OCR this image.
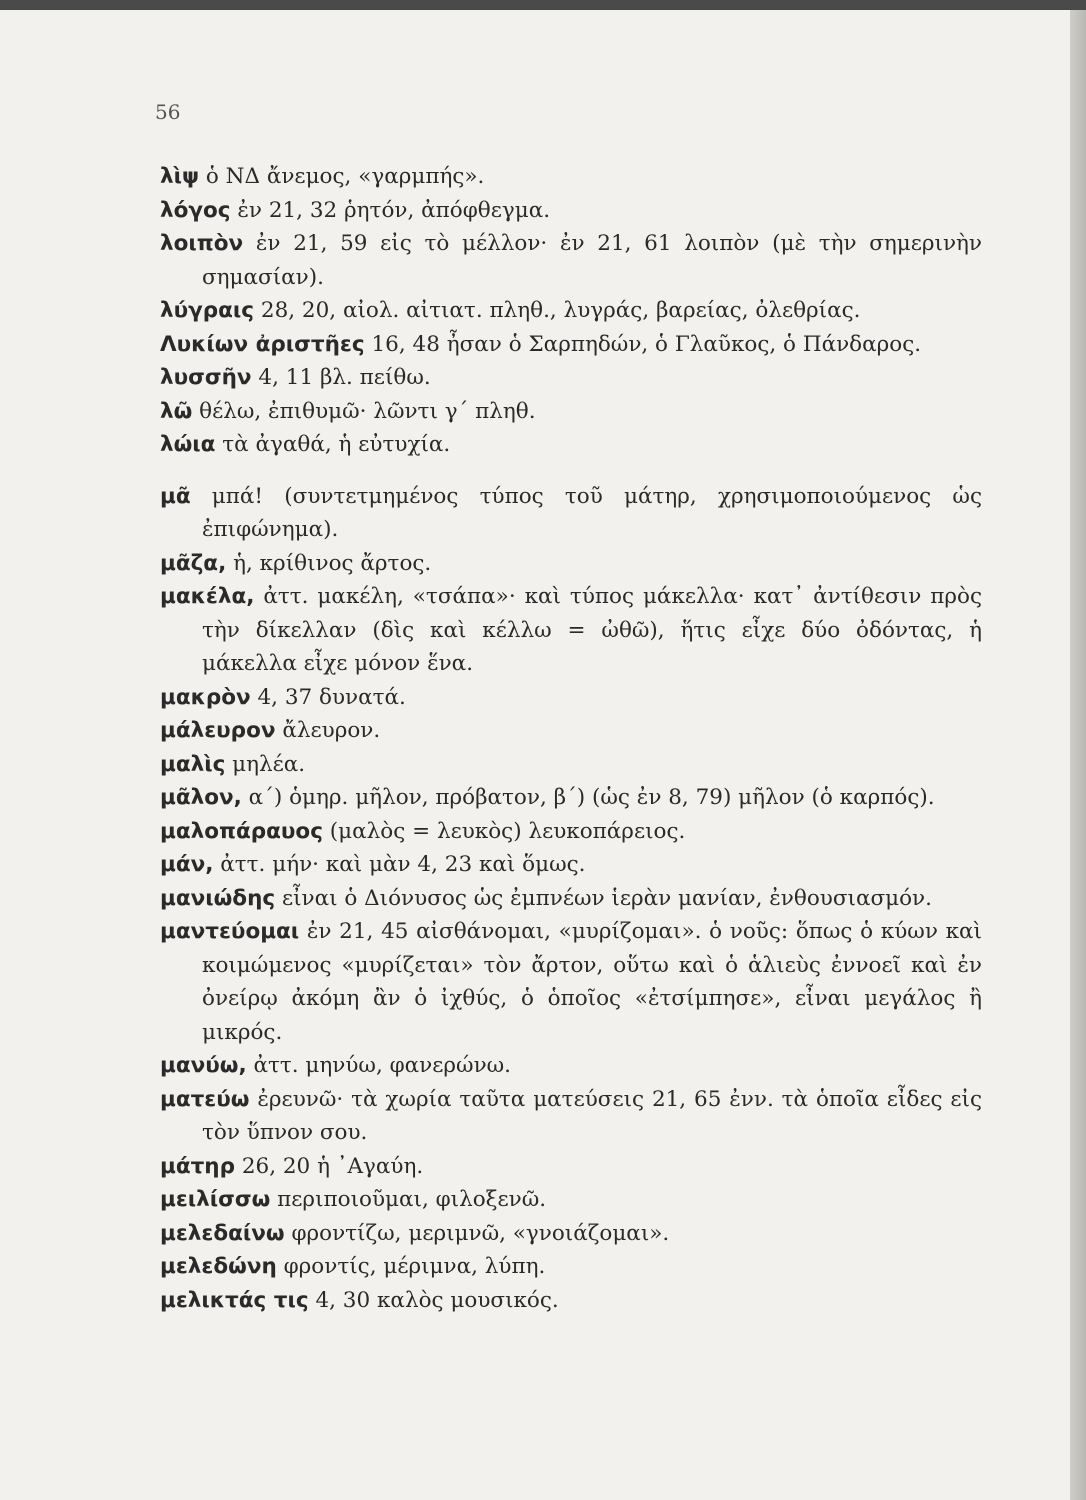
56
λὶψ ὁ ΝΔ ἄνεμος, «γαρμπής».
λόγος ἐν 21, 32 ῥητόν, ἀπόφθεγμα.
λοιπὸν ἐν 21, 59 εἰς τὸ μέλλον· ἐν 21, 61 λοιπὸν (μὲ τὴν σημερινὴν σημασίαν).
λύγραις 28, 20, αἰολ. αἰτιατ. πληθ., λυγράς, βαρείας, ὀλεθρίας.
Λυκίων ἀριστῆες 16, 48 ἦσαν ὁ Σαρπηδών, ὁ Γλαῦκος, ὁ Πάνδαρος.
λυσσῆν 4, 11 βλ. πείθω.
λῶ θέλω, ἐπιθυμῶ· λῶντι γ΄ πληθ.
λώια τὰ ἀγαθά, ἡ εὐτυχία.
μᾶ μπά! (συντετμημένος τύπος τοῦ μάτηρ, χρησιμοποιούμενος ὡς ἐπιφώνημα).
μᾶζα, ἡ, κρίθινος ἄρτος.
μακέλα, ἀττ. μακέλη, «τσάπα»· καὶ τύπος μάκελλα· κατ᾽ ἀντίθεσιν πρὸς τὴν δίκελλαν (δὶς καὶ κέλλω = ὠθῶ), ἥτις εἶχε δύο ὀδόντας, ἡ μάκελλα εἶχε μόνον ἕνα.
μακρὸν 4, 37 δυνατά.
μάλευρον ἄλευρον.
μαλὶς μηλέα.
μᾶλον, α΄) ὁμηρ. μῆλον, πρόβατον, β΄) (ὡς ἐν 8, 79) μῆλον (ὁ καρπός).
μαλοπάραυος (μαλὸς = λευκὸς) λευκοπάρειος.
μάν, ἀττ. μήν· καὶ μὰν 4, 23 καὶ ὅμως.
μανιώδης εἶναι ὁ Διόνυσος ὡς ἐμπνέων ἱερὰν μανίαν, ἐνθουσιασμόν.
μαντεύομαι ἐν 21, 45 αἰσθάνομαι, «μυρίζομαι». ὁ νοῦς: ὅπως ὁ κύων καὶ κοιμώμενος «μυρίζεται» τὸν ἄρτον, οὕτω καὶ ὁ ἁλιεὺς ἐννοεῖ καὶ ἐν ὀνείρῳ ἀκόμη ἂν ὁ ἰχθύς, ὁ ὁποῖος «ἐτσίμπησε», εἶναι μεγάλος ἢ μικρός.
μανύω, ἀττ. μηνύω, φανερώνω.
ματεύω ἐρευνῶ· τὰ χωρία ταῦτα ματεύσεις 21, 65 ἐνν. τὰ ὁποῖα εἶδες εἰς τὸν ὕπνον σου.
μάτηρ 26, 20 ἡ ᾿Αγαύη.
μειλίσσω περιποιοῦμαι, φιλοξενῶ.
μελεδαίνω φροντίζω, μεριμνῶ, «γνοιάζομαι».
μελεδώνη φροντίς, μέριμνα, λύπη.
μελικτάς τις 4, 30 καλὸς μουσικός.
